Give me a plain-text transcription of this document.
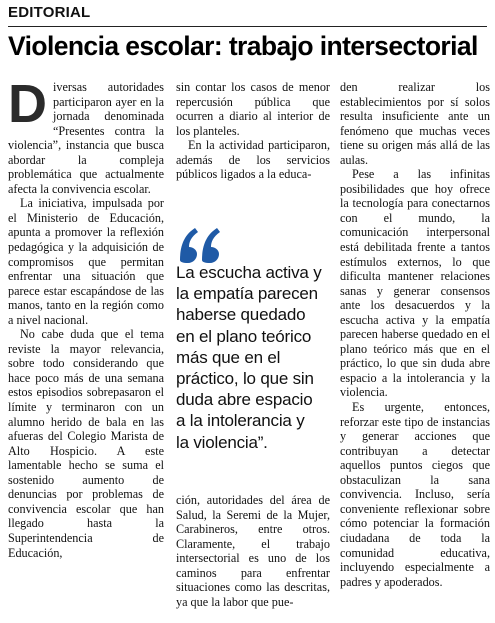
EDITORIAL
Violencia escolar: trabajo intersectorial

Diversas autoridades participaron ayer en la jornada denominada “Presentes contra la violencia”, instancia que busca abordar la compleja problemática que actualmente afecta la convivencia escolar.

La iniciativa, impulsada por el Ministerio de Educación, apunta a promover la reflexión pedagógica y la adquisición de compromisos que permitan enfrentar una situación que parece estar escapándose de las manos, tanto en la región como a nivel nacional.

No cabe duda que el tema reviste la mayor relevancia, sobre todo considerando que hace poco más de una semana estos episodios sobrepasaron el límite y terminaron con un alumno herido de bala en las afueras del Colegio Marista de Alto Hospicio. A este lamentable hecho se suma el sostenido aumento de denuncias por problemas de convivencia escolar que han llegado hasta la Superintendencia de Educación,

sin contar los casos de menor repercusión pública que ocurren a diario al interior de los planteles.

En la actividad participaron, además de los servicios públicos ligados a la educa-

La escucha activa y
la empatía parecen
haberse quedado
en el plano teórico
más que en el
práctico, lo que sin
duda abre espacio
a la intolerancia y
la violencia”.

ción, autoridades del área de Salud, la Seremi de la Mujer, Carabineros, entre otros. Claramente, el trabajo intersectorial es uno de los caminos para enfrentar situaciones como las descritas, ya que la labor que pue-

den realizar los establecimientos por sí solos resulta insuficiente ante un fenómeno que muchas veces tiene su origen más allá de las aulas.

Pese a las infinitas posibilidades que hoy ofrece la tecnología para conectarnos con el mundo, la comunicación interpersonal está debilitada frente a tantos estímulos externos, lo que dificulta mantener relaciones sanas y generar consensos ante los desacuerdos y la escucha activa y la empatía parecen haberse quedado en el plano teórico más que en el práctico, lo que sin duda abre espacio a la intolerancia y la violencia.

Es urgente, entonces, reforzar este tipo de instancias y generar acciones que contribuyan a detectar aquellos puntos ciegos que obstaculizan la sana convivencia. Incluso, sería conveniente reflexionar sobre cómo potenciar la formación ciudadana de toda la comunidad educativa, incluyendo especialmente a padres y apoderados.
